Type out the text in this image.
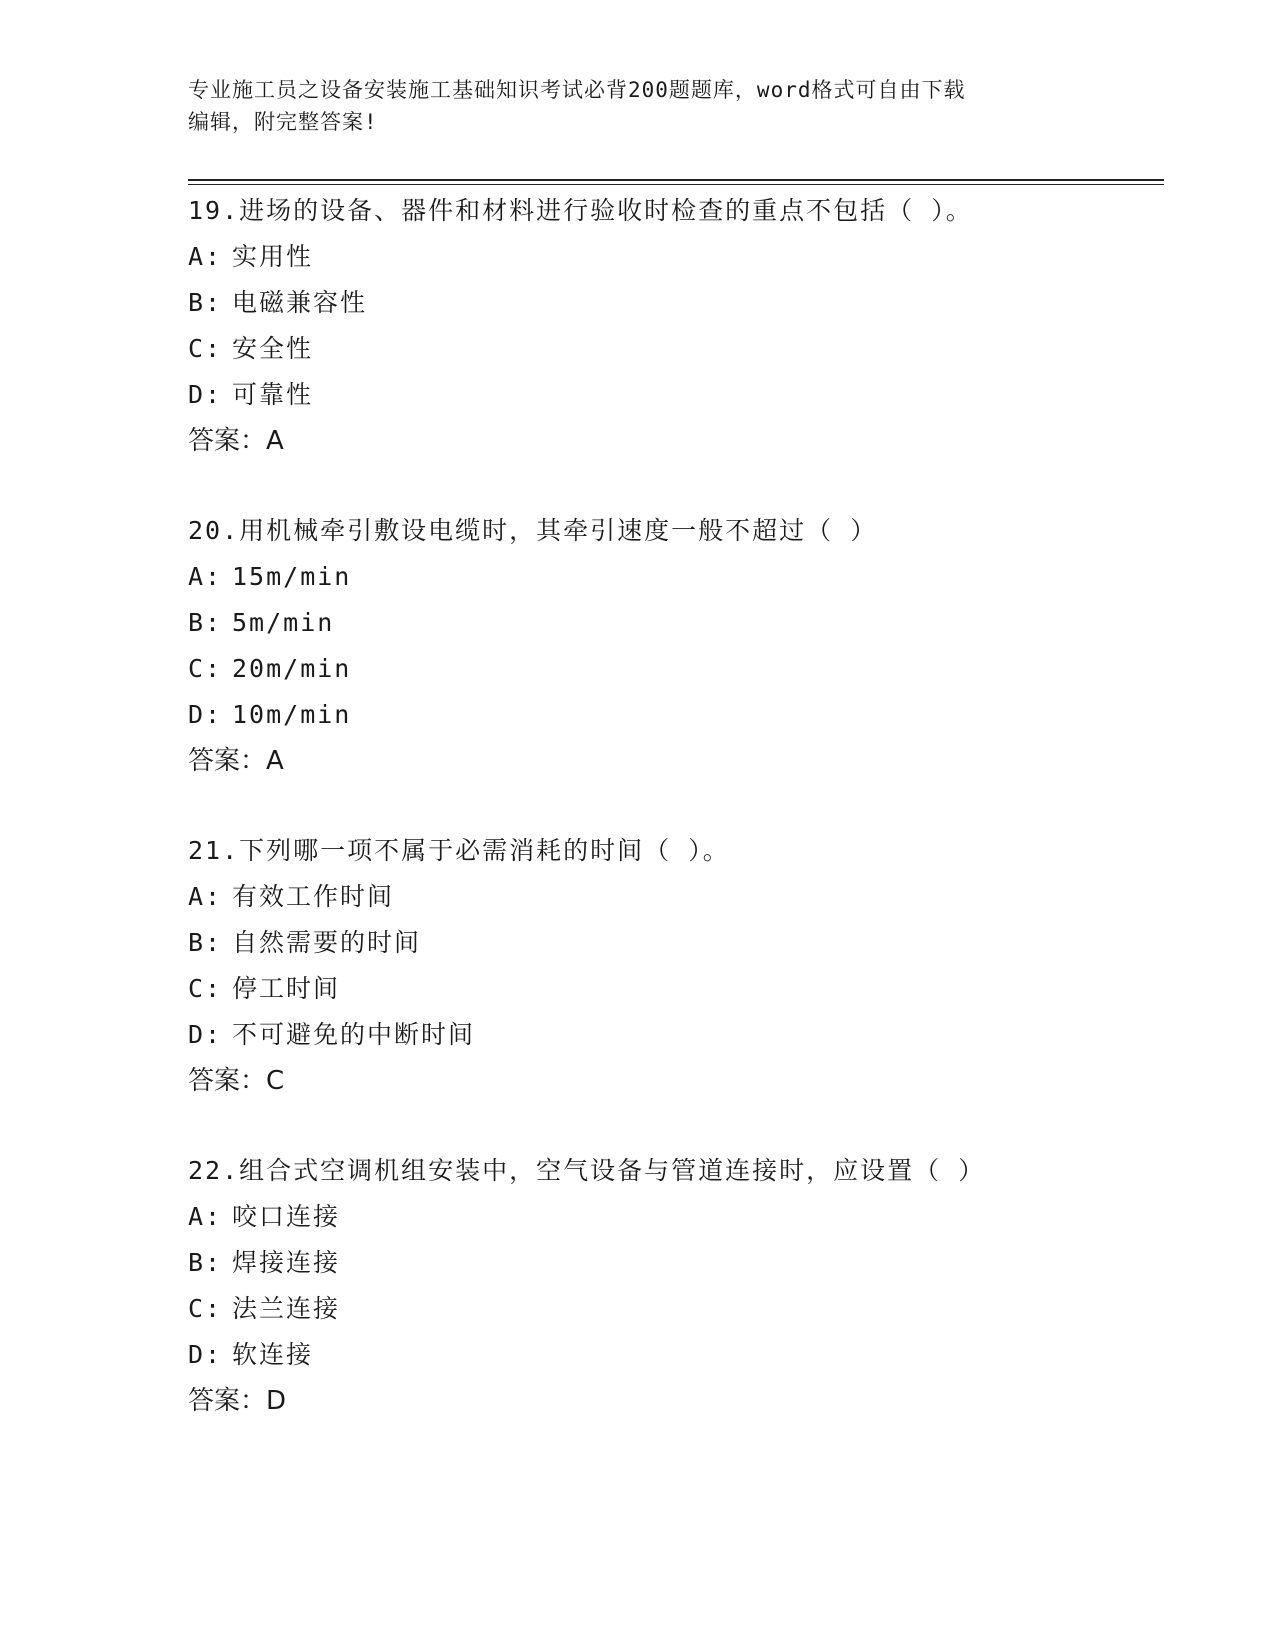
专业施工员之设备安装施工基础知识考试必背200题题库，word格式可自由下载
编辑，附完整答案!
19.进场的设备、器件和材料进行验收时检查的重点不包括（ ）。
A: 实用性
B: 电磁兼容性
C: 安全性
D: 可靠性
答案：A
20.用机械牵引敷设电缆时，其牵引速度一般不超过（ ）
A: 15m/min
B: 5m/min
C: 20m/min
D: 10m/min
答案：A
21.下列哪一项不属于必需消耗的时间（ ）。
A: 有效工作时间
B: 自然需要的时间
C: 停工时间
D: 不可避免的中断时间
答案：C
22.组合式空调机组安装中，空气设备与管道连接时，应设置（ ）
A: 咬口连接
B: 焊接连接
C: 法兰连接
D: 软连接
答案：D
